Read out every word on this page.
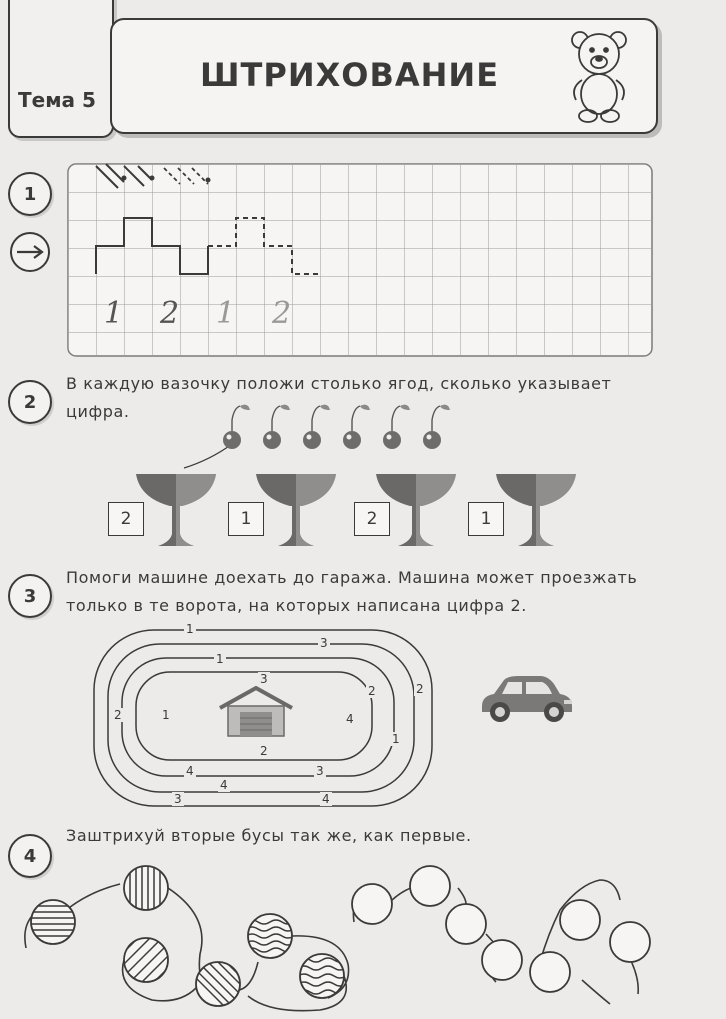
Тема 5
ШТРИХОВАНИЕ
1
1 2 1 2
2
В каждую вазочку положи столько ягод, сколько указывает цифра.
2	1	2	1
3
Помоги машине доехать до гаража. Машина может проезжать только в те ворота, на которых написана цифра 2.
1
3
2
2
3	4
1
2
1
4	3
4
3
1	4
2
4
Заштрихуй вторые бусы так же, как первые.
